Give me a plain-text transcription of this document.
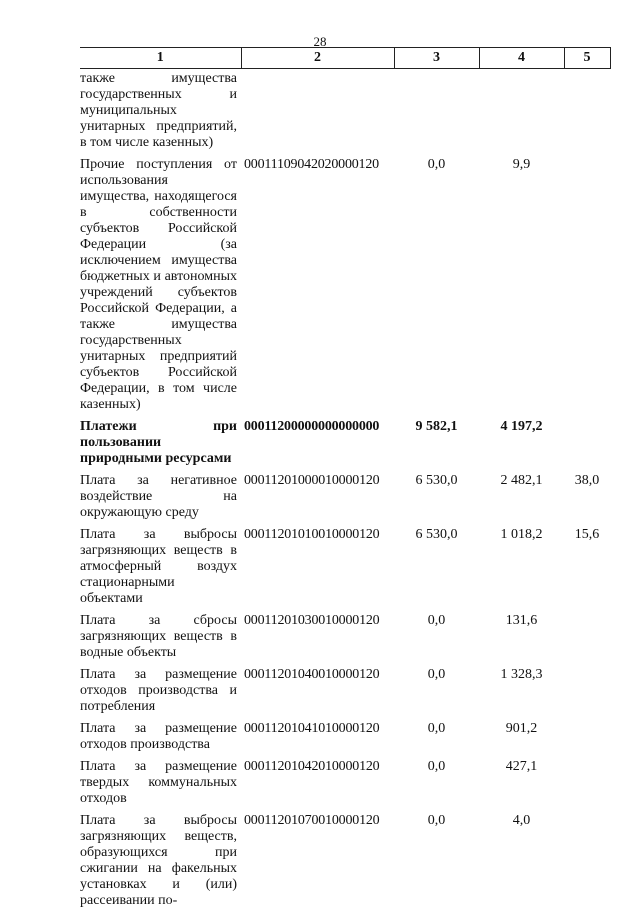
28
1	2	3	4	5
также имущества государственных и муниципальных унитарных предприятий, в том числе казенных)				
Прочие поступления от использования имущества, находящегося в собственности субъектов Российской Федерации (за исключением имущества бюджетных и автономных учреждений субъектов Российской Федерации, а также имущества государственных унитарных предприятий субъектов Российской Федерации, в том числе казенных)	00011109042020000120	0,0	9,9	
Платежи при пользовании природными ресурсами	00011200000000000000	9 582,1	4 197,2	
Плата за негативное воздействие на окружающую среду	00011201000010000120	6 530,0	2 482,1	38,0
Плата за выбросы загрязняющих веществ в атмосферный воздух стационарными объектами	00011201010010000120	6 530,0	1 018,2	15,6
Плата за сбросы загрязняющих веществ в водные объекты	00011201030010000120	0,0	131,6	
Плата за размещение отходов производства и потребления	00011201040010000120	0,0	1 328,3	
Плата за размещение отходов производства	00011201041010000120	0,0	901,2	
Плата за размещение твердых коммунальных отходов	00011201042010000120	0,0	427,1	
Плата за выбросы загрязняющих веществ, образующихся при сжигании на факельных установках и (или) рассеивании по-	00011201070010000120	0,0	4,0	
